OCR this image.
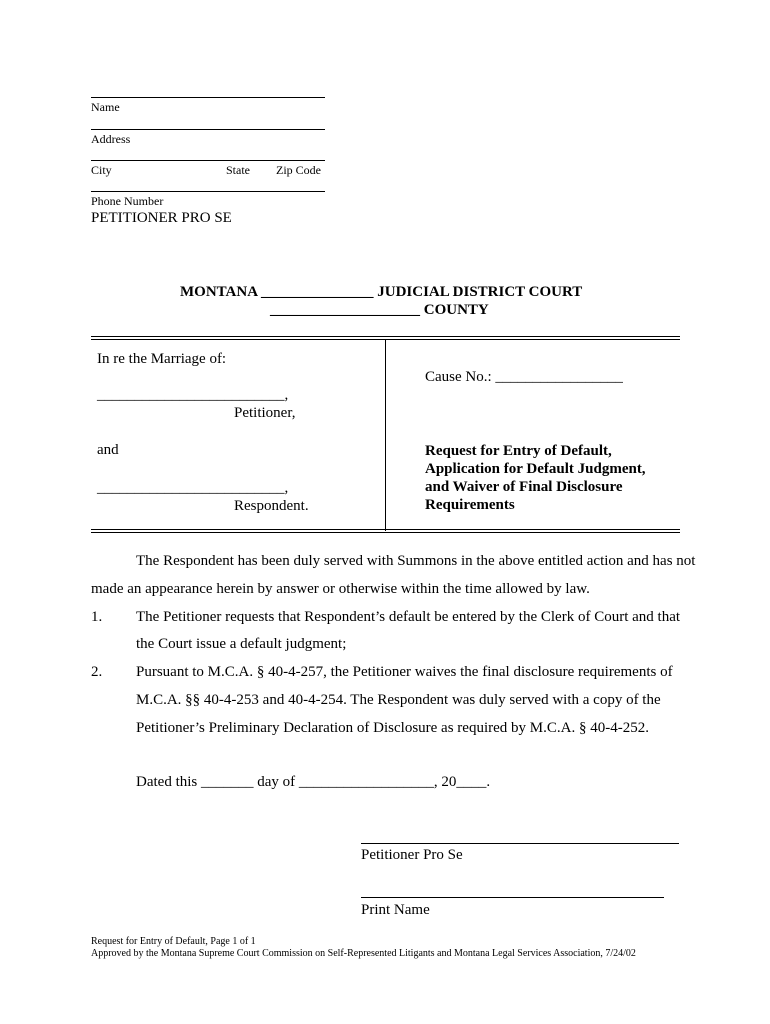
Name
Address
City	State Zip Code
Phone Number
PETITIONER PRO SE
MONTANA _______________ JUDICIAL DISTRICT COURT
____________________ COUNTY
In re the Marriage of:
_________________________,
Petitioner,
and
_________________________,
Respondent.
Cause No.: _________________
Request for Entry of Default,
Application for Default Judgment,
and Waiver of Final Disclosure
Requirements
The Respondent has been duly served with Summons in the above entitled action and has not
made an appearance herein by answer or otherwise within the time allowed by law.
1. The Petitioner requests that Respondent’s default be entered by the Clerk of Court and that
the Court issue a default judgment;
2. Pursuant to M.C.A. § 40-4-257, the Petitioner waives the final disclosure requirements of
M.C.A. §§ 40-4-253 and 40-4-254. The Respondent was duly served with a copy of the
Petitioner’s Preliminary Declaration of Disclosure as required by M.C.A. § 40-4-252.
Dated this _______ day of __________________, 20____.
Petitioner Pro Se
Print Name
Request for Entry of Default, Page 1 of 1
Approved by the Montana Supreme Court Commission on Self-Represented Litigants and Montana Legal Services Association, 7/24/02
